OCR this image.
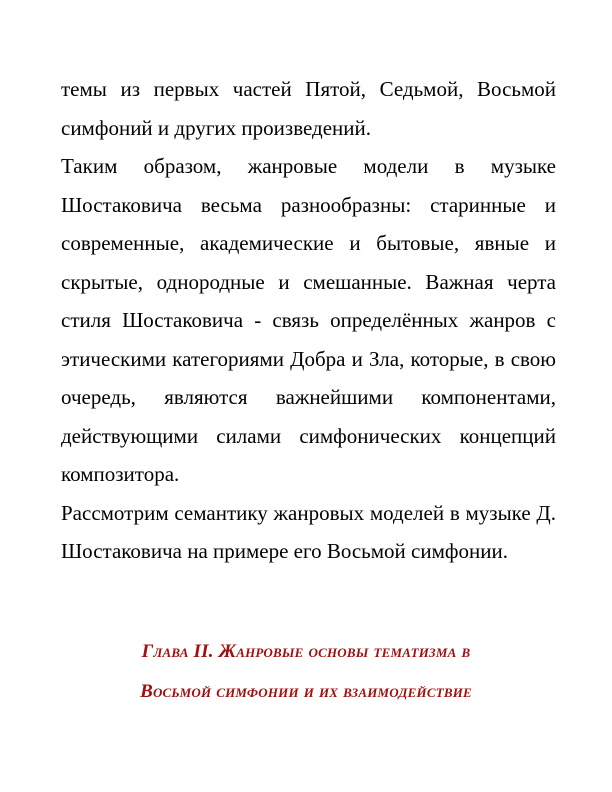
темы из первых частей Пятой, Седьмой, Восьмой симфоний и других произведений.

Таким образом, жанровые модели в музыке Шостаковича весьма разнообразны: старинные и современные, академические и бытовые, явные и скрытые, однородные и смешанные. Важная черта стиля Шостаковича - связь определённых жанров с этическими категориями Добра и Зла, которые, в свою очередь, являются важнейшими компонентами, действующими силами симфонических концепций композитора.

Рассмотрим семантику жанровых моделей в музыке Д. Шостаковича на примере его Восьмой симфонии.

Глава II. Жанровые основы тематизма в
Восьмой симфонии и их взаимодействие
